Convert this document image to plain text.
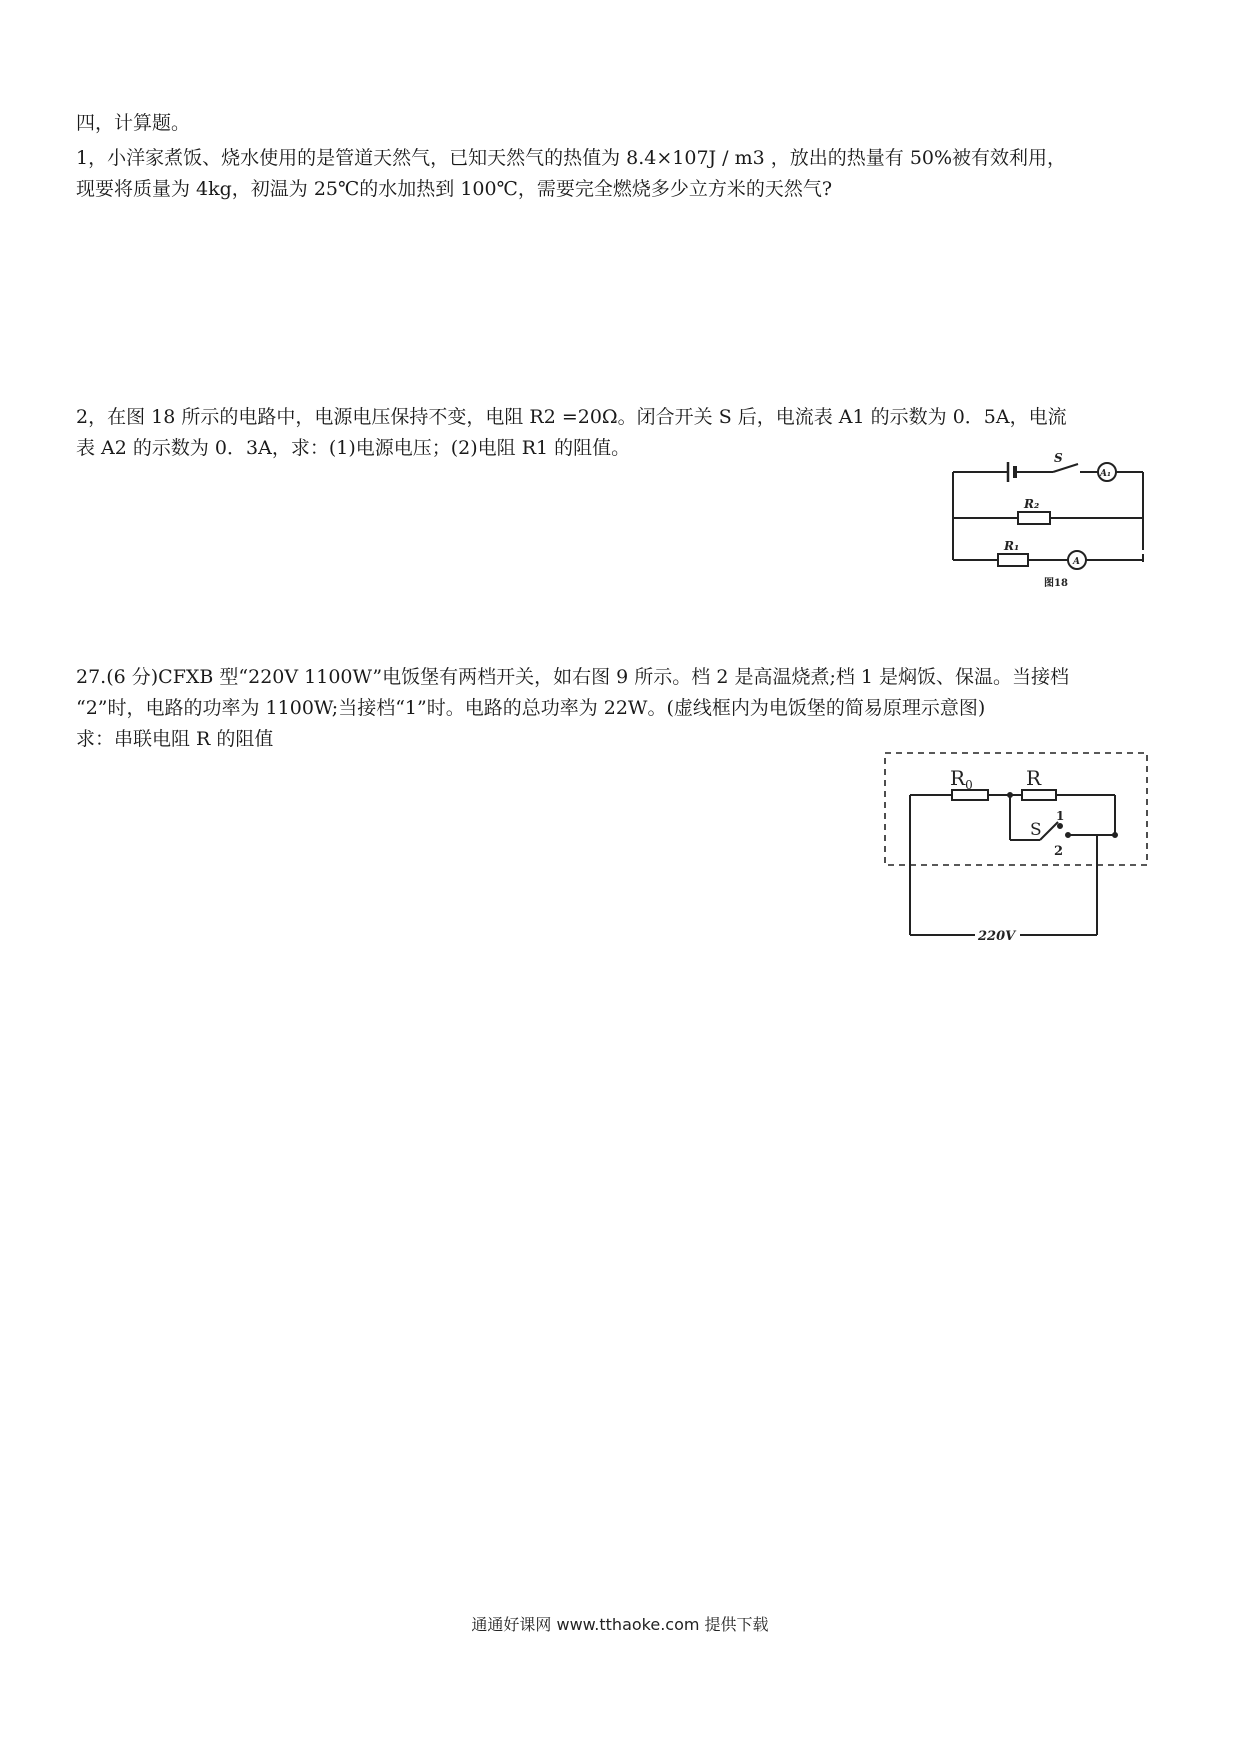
四，计算题。
1，小洋家煮饭、烧水使用的是管道天然气，已知天然气的热值为 8.4×107J / m3 ，放出的热量有 50%被有效利用，
现要将质量为 4kg，初温为 25℃的水加热到 100℃，需要完全燃烧多少立方米的天然气?
2，在图 18 所示的电路中，电源电压保持不变，电阻 R2 =20Ω。闭合开关 S 后，电流表 A1 的示数为 0．5A，电流
表 A2 的示数为 0．3A，求：(1)电源电压；(2)电阻 R1 的阻值。	S
A₁
R₂
R₁
A
图18
27.(6 分)CFXB 型“220V 1100W”电饭堡有两档开关，如右图 9 所示。档 2 是高温烧煮;档 1 是焖饭、保温。当接档
“2”时，电路的功率为 1100W;当接档“1”时。电路的总功率为 22W。(虚线框内为电饭堡的简易原理示意图)
求：串联电阻 R 的阻值
$R_0$	R
S
1
2
220V
通通好课网 www.tthaoke.com 提供下载
